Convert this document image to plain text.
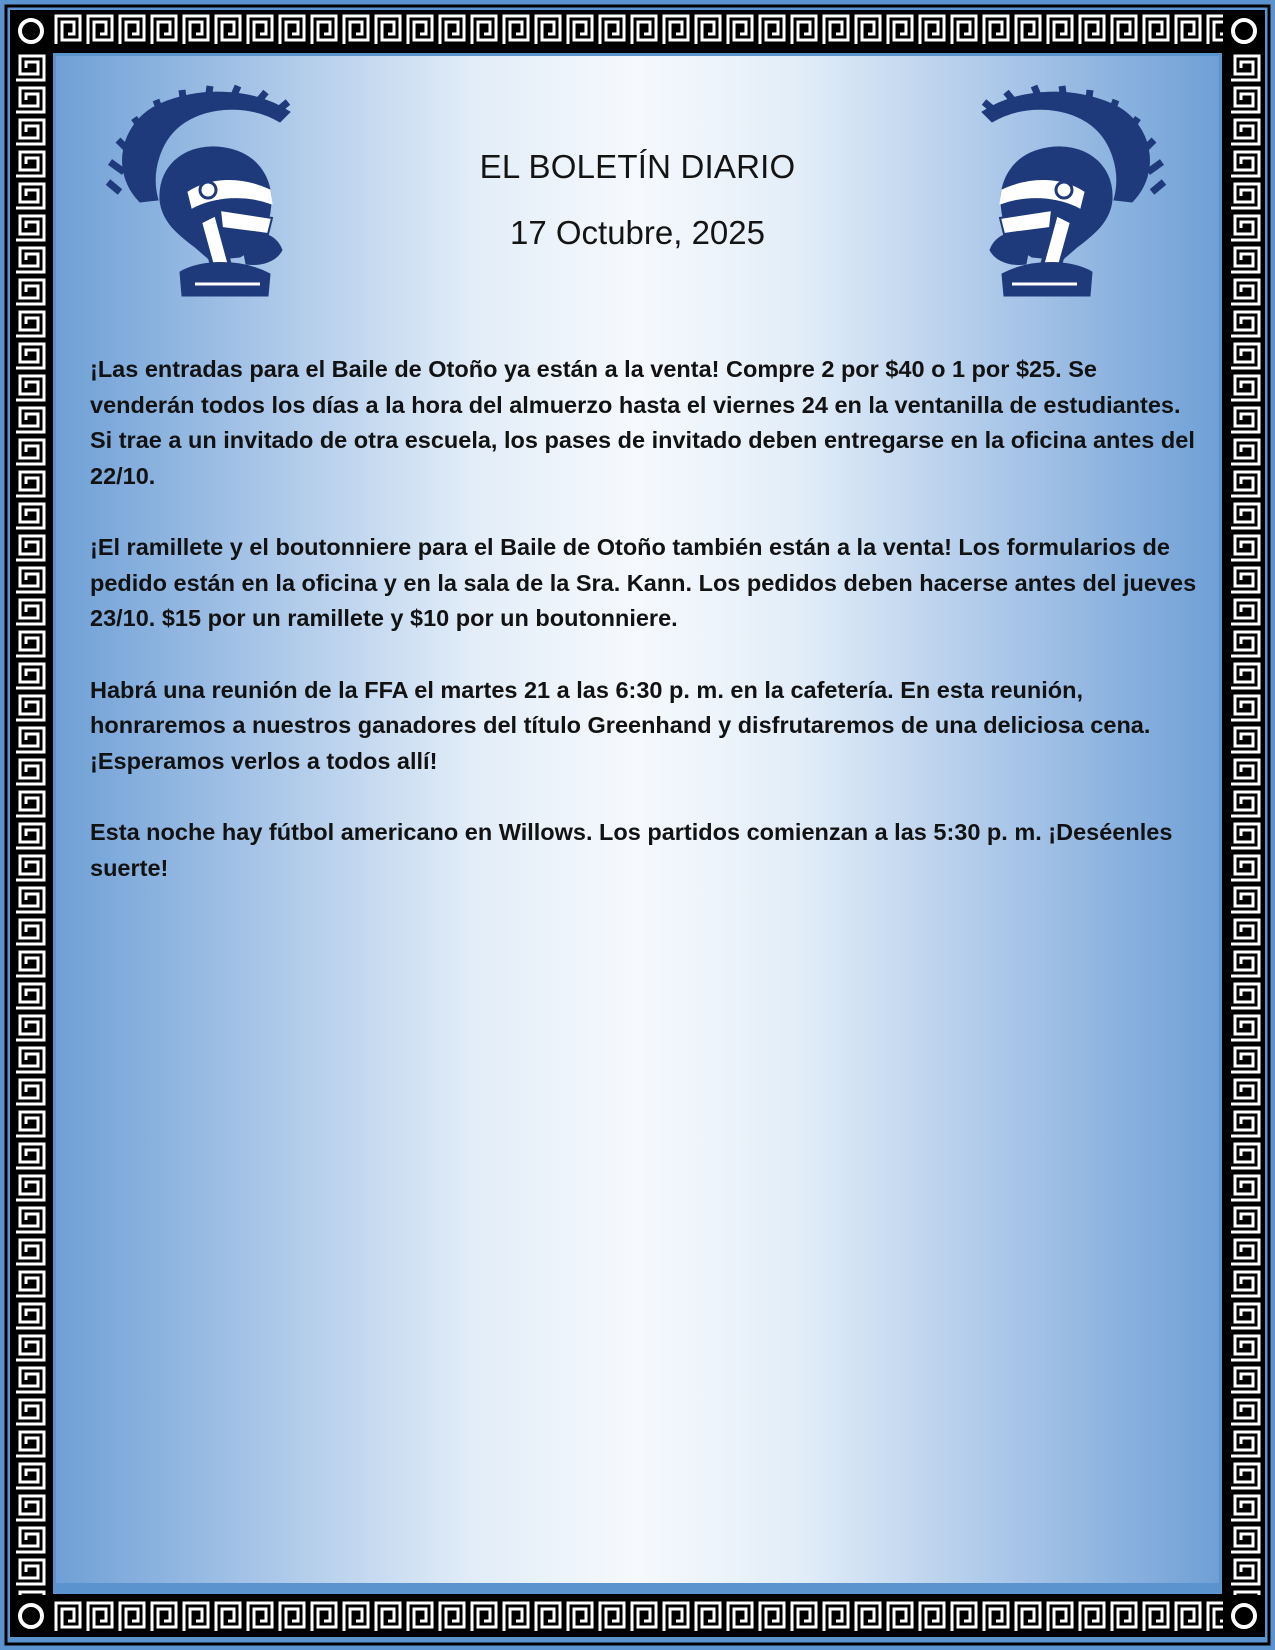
EL BOLETÍN DIARIO
17 Octubre, 2025

¡Las entradas para el Baile de Otoño ya están a la venta! Compre 2 por $40 o 1 por $25. Se venderán todos los días a la hora del almuerzo hasta el viernes 24 en la ventanilla de estudiantes. Si trae a un invitado de otra escuela, los pases de invitado deben entregarse en la oficina antes del 22/10.

¡El ramillete y el boutonniere para el Baile de Otoño también están a la venta! Los formularios de pedido están en la oficina y en la sala de la Sra. Kann. Los pedidos deben hacerse antes del jueves 23/10. $15 por un ramillete y $10 por un boutonniere.

Habrá una reunión de la FFA el martes 21 a las 6:30 p. m. en la cafetería. En esta reunión, honraremos a nuestros ganadores del título Greenhand y disfrutaremos de una deliciosa cena. ¡Esperamos verlos a todos allí!

Esta noche hay fútbol americano en Willows. Los partidos comienzan a las 5:30 p. m. ¡Deséenles suerte!
